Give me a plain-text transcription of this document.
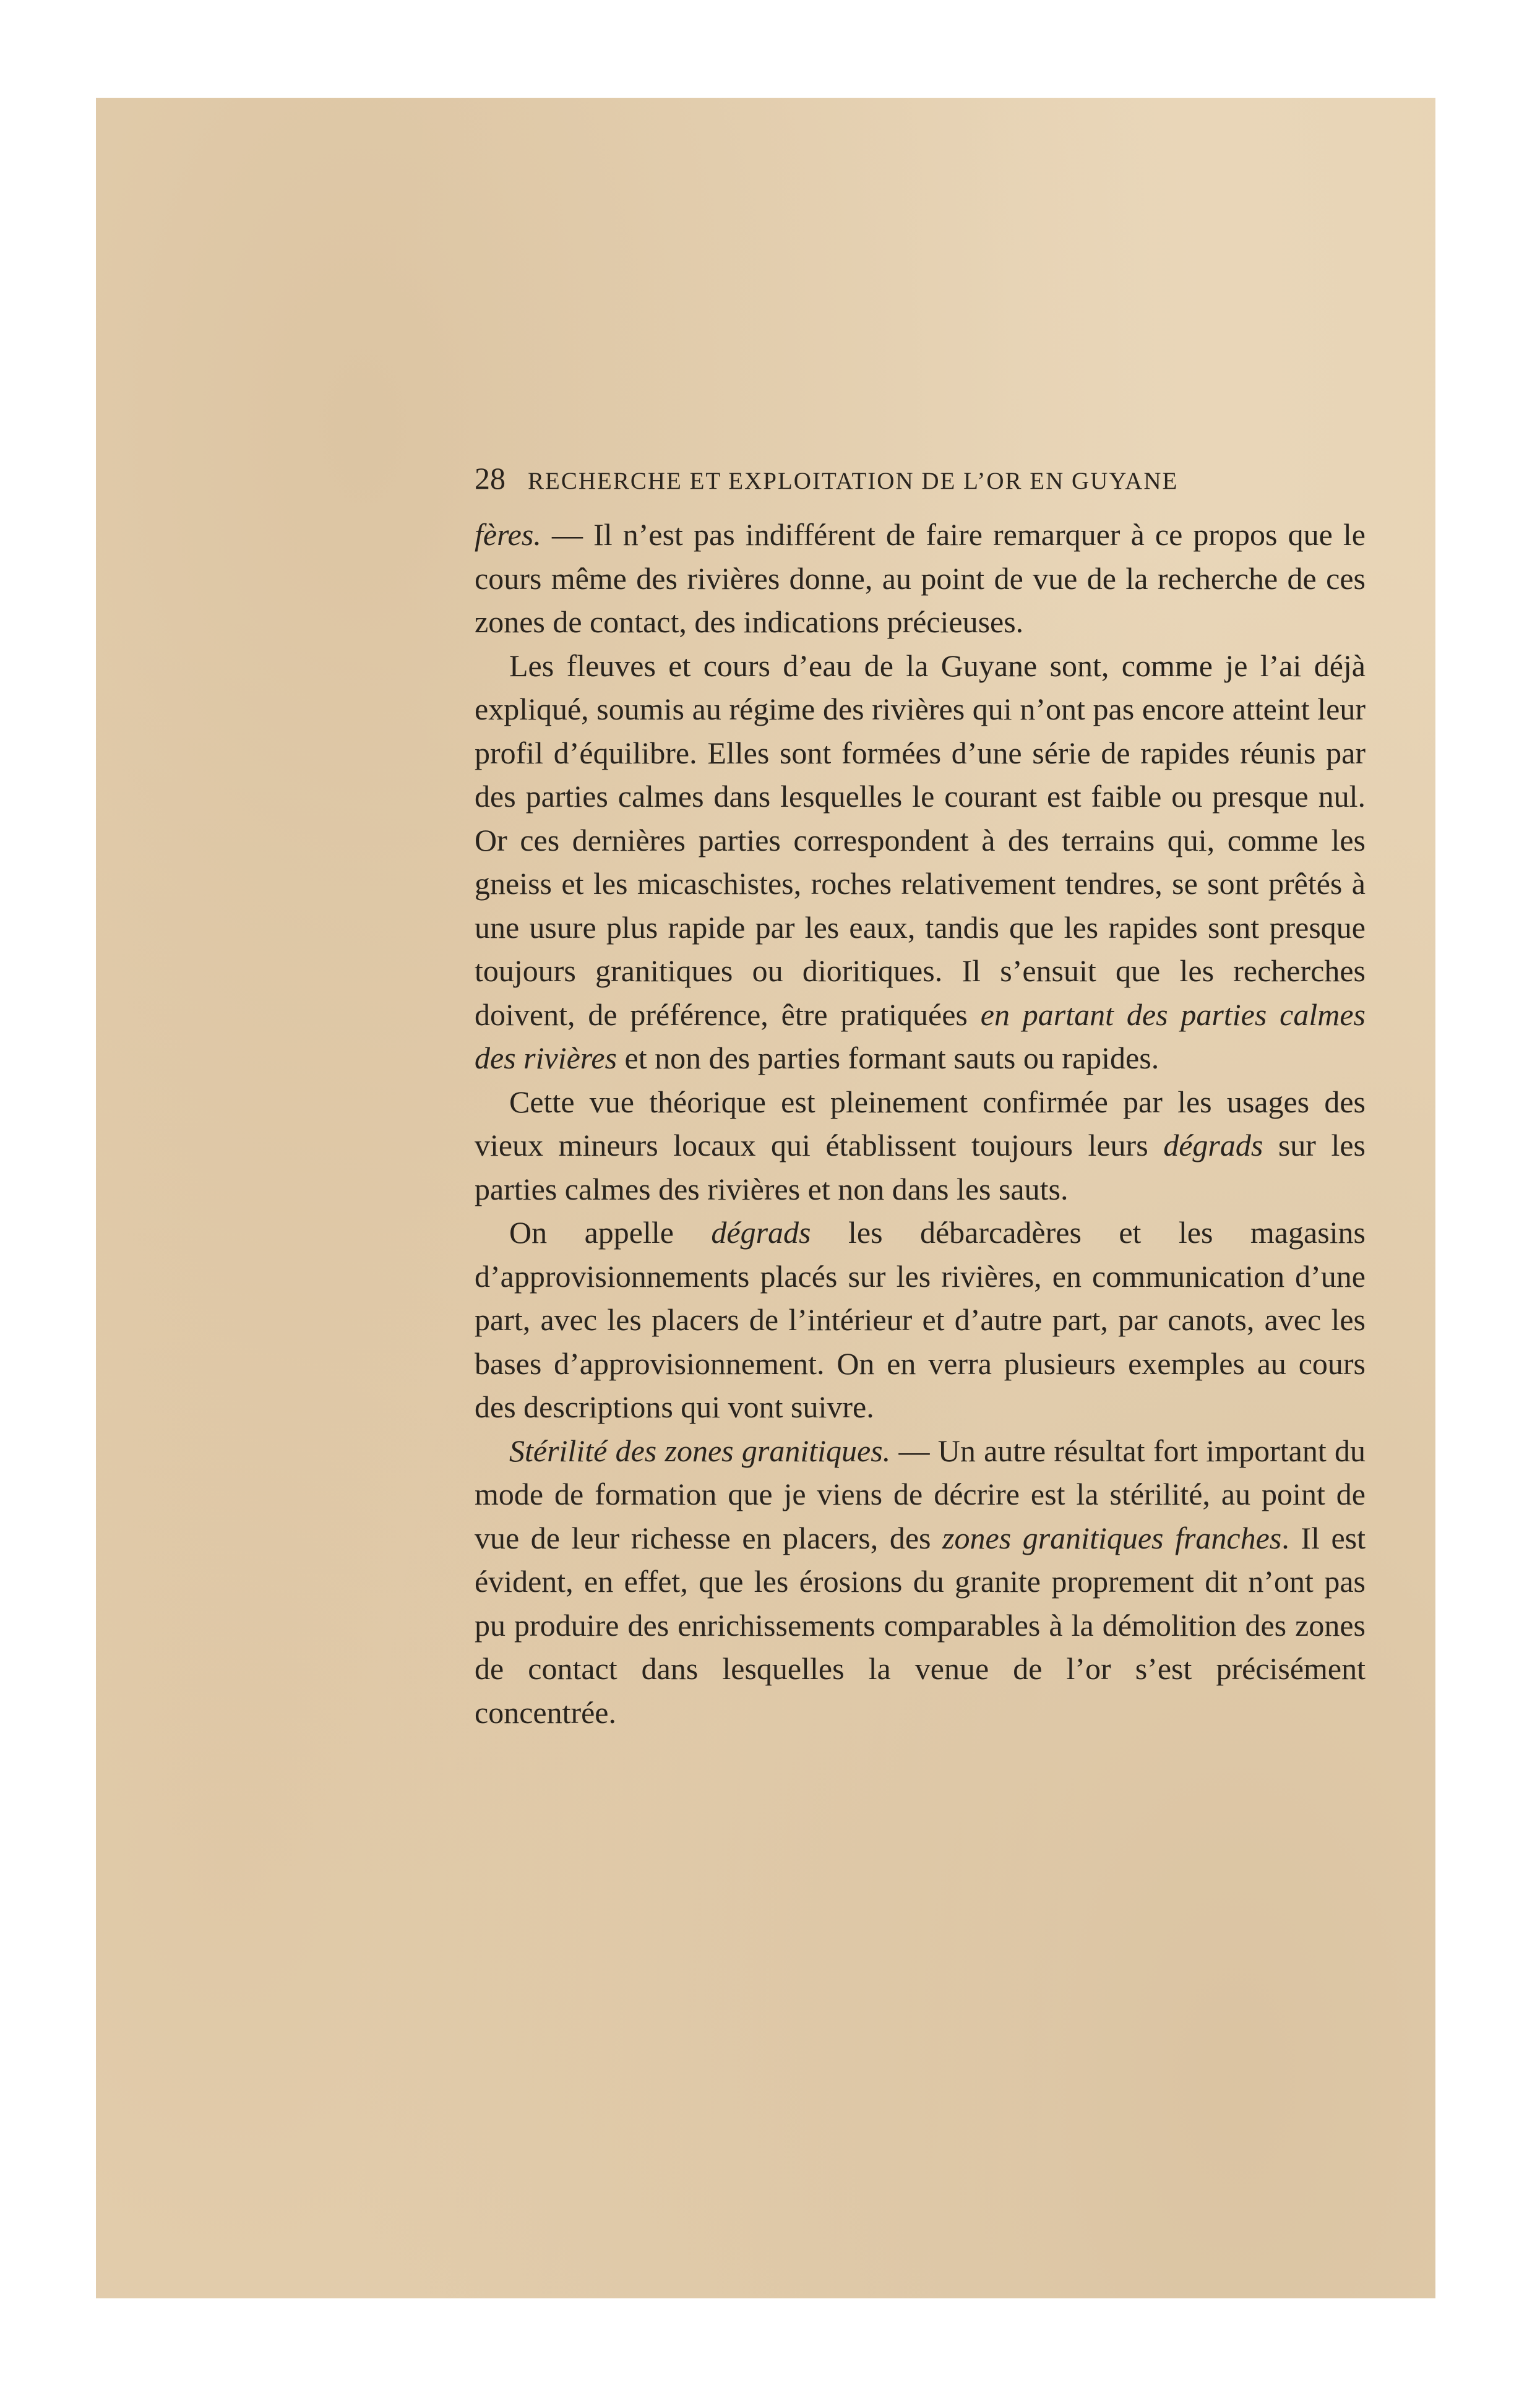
28 RECHERCHE ET EXPLOITATION DE L’OR EN GUYANE

fères. — Il n’est pas indifférent de faire remarquer à ce propos que le cours même des rivières donne, au point de vue de la recherche de ces zones de contact, des indications précieuses.

Les fleuves et cours d’eau de la Guyane sont, comme je l’ai déjà expliqué, soumis au régime des rivières qui n’ont pas encore atteint leur profil d’équilibre. Elles sont formées d’une série de rapides réunis par des parties calmes dans lesquelles le courant est faible ou presque nul. Or ces dernières parties correspondent à des terrains qui, comme les gneiss et les micaschistes, roches relativement tendres, se sont prêtés à une usure plus rapide par les eaux, tandis que les rapides sont presque toujours granitiques ou dioritiques. Il s’ensuit que les recherches doivent, de préférence, être pratiquées en partant des parties calmes des rivières et non des parties formant sauts ou rapides.

Cette vue théorique est pleinement confirmée par les usages des vieux mineurs locaux qui établissent toujours leurs dégrads sur les parties calmes des rivières et non dans les sauts.

On appelle dégrads les débarcadères et les magasins d’approvisionnements placés sur les rivières, en communication d’une part, avec les placers de l’intérieur et d’autre part, par canots, avec les bases d’approvisionnement. On en verra plusieurs exemples au cours des descriptions qui vont suivre.

Stérilité des zones granitiques. — Un autre résultat fort important du mode de formation que je viens de décrire est la stérilité, au point de vue de leur richesse en placers, des zones granitiques franches. Il est évident, en effet, que les érosions du granite proprement dit n’ont pas pu produire des enrichissements comparables à la démolition des zones de contact dans lesquelles la venue de l’or s’est précisément concentrée.
